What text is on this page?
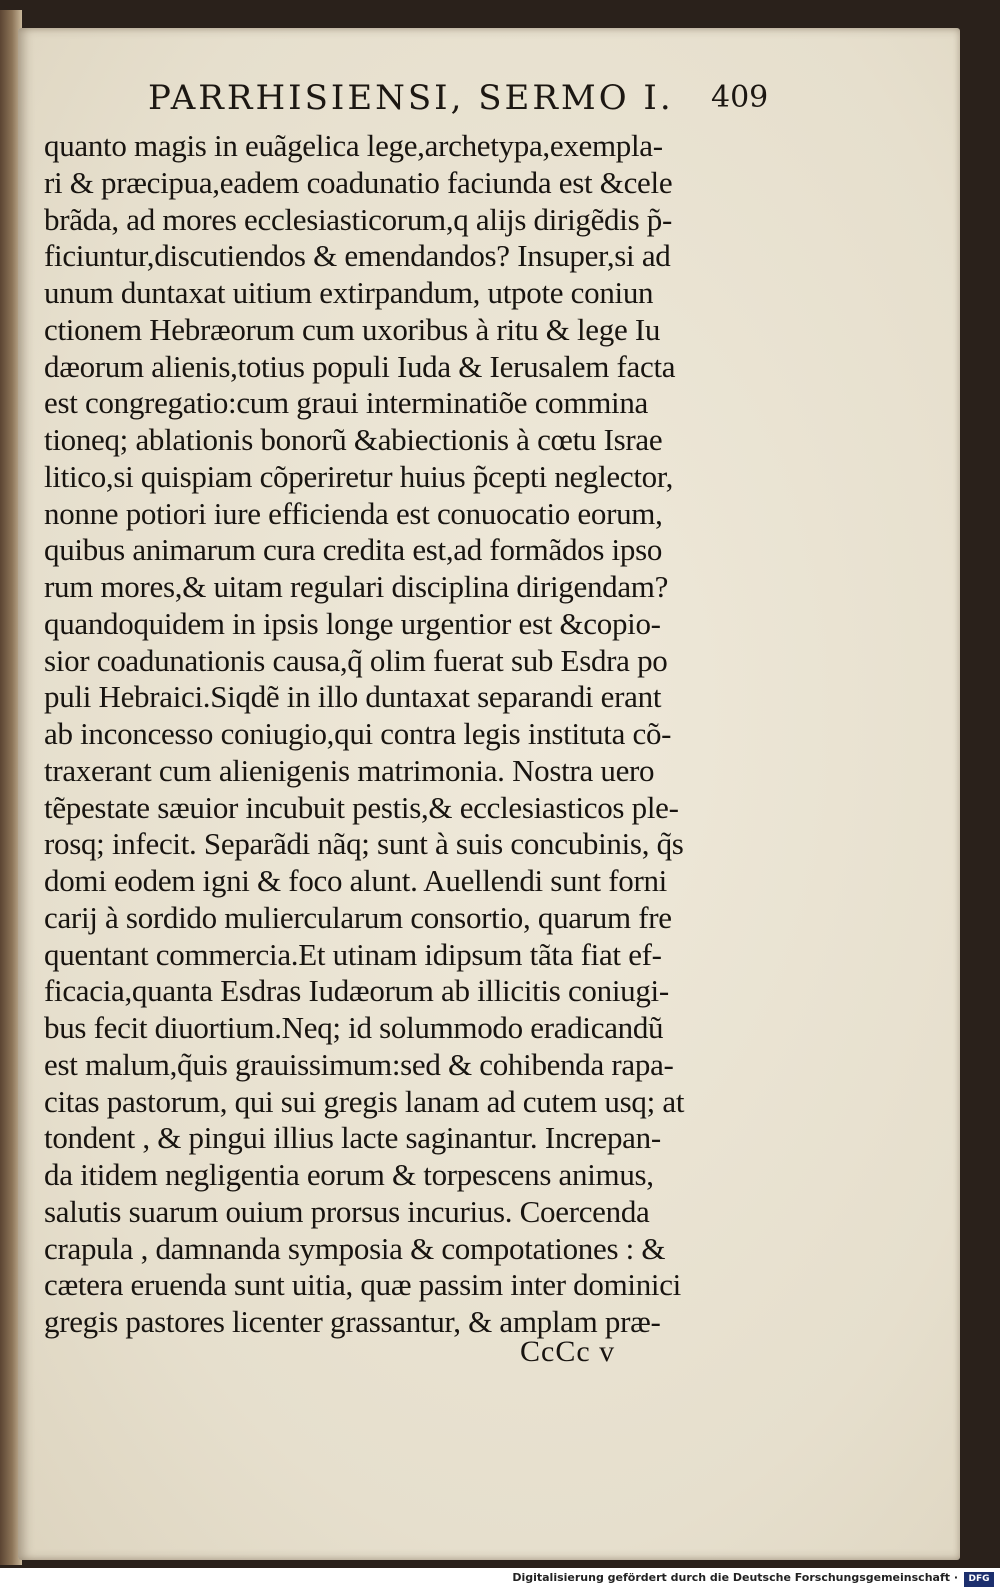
PARRHISIENSI, SERMO I. 409
quanto magis in euãgelica lege,archetypa,exempla-
ri & præcipua,eadem coadunatio faciunda est &cele
brãda, ad mores ecclesiasticorum,q alijs dirigẽdis p̃-
ficiuntur,discutiendos & emendandos? Insuper,si ad
unum duntaxat uitium extirpandum, utpote coniun
ctionem Hebræorum cum uxoribus à ritu & lege Iu
dæorum alienis,totius populi Iuda & Ierusalem facta
est congregatio:cum graui interminatiõe commina
tioneq; ablationis bonorũ &abiectionis à cœtu Israe
litico,si quispiam cõperiretur huius p̃cepti neglector,
nonne potiori iure efficienda est conuocatio eorum,
quibus animarum cura credita est,ad formãdos ipso
rum mores,& uitam regulari disciplina dirigendam?
quandoquidem in ipsis longe urgentior est &copio-
sior coadunationis causa,q̃ olim fuerat sub Esdra po
puli Hebraici.Siqdẽ in illo duntaxat separandi erant
ab inconcesso coniugio,qui contra legis instituta cõ-
traxerant cum alienigenis matrimonia. Nostra uero
tẽpestate sæuior incubuit pestis,& ecclesiasticos ple-
rosq; infecit. Separãdi nãq; sunt à suis concubinis, q̃s
domi eodem igni & foco alunt. Auellendi sunt forni
carij à sordido muliercularum consortio, quarum fre
quentant commercia.Et utinam idipsum tãta fiat ef-
ficacia,quanta Esdras Iudæorum ab illicitis coniugi-
bus fecit diuortium.Neq; id solummodo eradicandũ
est malum,q̃uis grauissimum:sed & cohibenda rapa-
citas pastorum, qui sui gregis lanam ad cutem usq; at
tondent , & pingui illius lacte saginantur. Increpan-
da itidem negligentia eorum & torpescens animus,
salutis suarum ouium prorsus incurius. Coercenda
crapula , damnanda symposia & compotationes : &
cætera eruenda sunt uitia, quæ passim inter dominici
gregis pastores licenter grassantur, & amplam præ-
CcCc v
Digitalisierung gefördert durch die Deutsche Forschungsgemeinschaft ·	DFG
